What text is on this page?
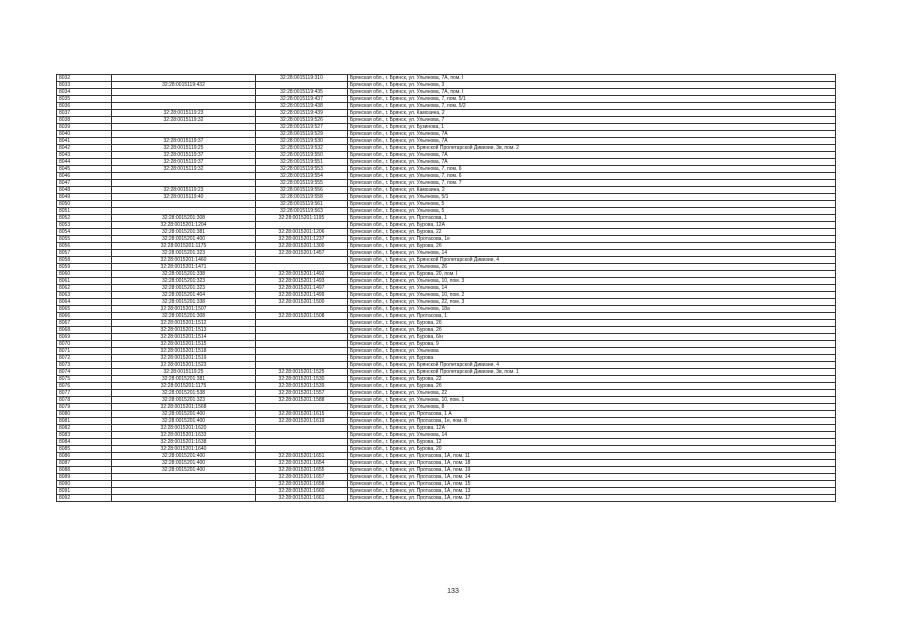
8032		32:28:0015119:310	Брянская обл., г. Брянск, ул. Ульянова, 7А, пом. I
8033	32:28:0015119:432		Брянская обл., г. Брянск, ул. Ульянова, 3
8034		32:28:0015119:435	Брянская обл., г. Брянск, ул. Ульянова, 7А, пом. I
8035		32:28:0015119:437	Брянская обл., г. Брянск, ул. Ульянова, 7, пом. 5/1
8036		32:28:0015119:438	Брянская обл., г. Брянск, ул. Ульянова, 7, пом. 5/2
8037	32:28:0015119:23	32:28:0015119:439	Брянская обл., г. Брянск, ул. Камозина, 2
8038	32:28:0015119:32	32:28:0015119:526	Брянская обл., г. Брянск, ул. Ульянова, 7
8039		32:28:0015119:527	Брянская обл., г. Брянск, ул. Бузинова, 1
8040		32:28:0015119:529	Брянская обл., г. Брянск, ул. Ульянова, 7А
8041	32:28:0015119:37	32:28:0015119:530	Брянская обл., г. Брянск, ул. Ульянова, 7А
8042	32:28:0015119:25	32:28:0015119:532	Брянская обл., г. Брянск, ул. Брянской Пролетарской Дивизии, 3в, пом. 2
8043	32:28:0015119:37	32:28:0015119:550	Брянская обл., г. Брянск, ул. Ульянова, 7А
8044	32:28:0015119:37	32:28:0015119:551	Брянская обл., г. Брянск, ул. Ульянова, 7А
8045	32:28:0015119:32	32:28:0015119:553	Брянская обл., г. Брянск, ул. Ульянова, 7, пом. 6
8046		32:28:0015119:554	Брянская обл., г. Брянск, ул. Ульянова, 7, пом. 6
8047		32:28:0015119:555	Брянская обл., г. Брянск, ул. Ульянова, 7, пом. 7
8048	32:28:0015119:23	32:28:0015119:556	Брянская обл., г. Брянск, ул. Камозина, 2
8049	32:28:0015119:40	32:28:0015119:558	Брянская обл., г. Брянск, ул. Ульянова, 5/1
8050		32:28:0015119:561	Брянская обл., г. Брянск, ул. Ульянова, 5
8051		32:28:0015119:563	Брянская обл., г. Брянск, ул. Ульянова, 5
8052	32:28:0015201:308	32:28:0015201:1195	Брянская обл., г. Брянск, ул. Протасова, 1
8053	32:28:0015201:1204		Брянская обл., г. Брянск, ул. Бурова, 12А
8054	32:28:0015201:381	32:28:0015201:1206	Брянская обл., г. Брянск, ул. Бурова, 22
8055	32:28:0015201:400	32:28:0015201:1237	Брянская обл., г. Брянск, ул. Протасова, 1е
8056	32:28:0015201:1175	32:28:0015201:1300	Брянская обл., г. Брянск, ул. Бурова, 2б
8057	32:28:0015201:323	32:28:0015201:1457	Брянская обл., г. Брянск, ул. Ульянова, 14
8058	32:28:0015201:1460		Брянская обл., г. Брянск, ул. Брянской Пролетарской Дивизии, 4
8059	32:28:0015201:1471		Брянская обл., г. Брянск, ул. Ульянова, 26
8060	32:28:0015201:338	32:28:0015201:1492	Брянская обл., г. Брянск, ул. Бурова, 20, пом. I
8061	32:28:0015201:323	32:28:0015201:1493	Брянская обл., г. Брянск, ул. Ульянова, 10, пом. 3
8062	32:28:0015201:323	32:28:0015201:1497	Брянская обл., г. Брянск, ул. Ульянова, 14
8063	32:28:0015201:404	32:28:0015201:1499	Брянская обл., г. Брянск, ул. Ульянова, 10, пом. 2
8064	32:28:0015201:338	32:28:0015201:1500	Брянская обл., г. Брянск, ул. Ульянова, 22, пом. 3
8065	32:28:0015201:1507		Брянская обл., г. Брянск, ул. Ульянова, 18а
8066	32:28:0015201:308	32:28:0015201:1508	Брянская обл., г. Брянск, ул. Протасова, 1
8067	32:28:0015201:1512		Брянская обл., г. Брянск, ул. Бурова, 2б
8068	32:28:0015201:1513		Брянская обл., г. Брянск, ул. Бурова, 2б
8069	32:28:0015201:1514		Брянская обл., г. Брянск, ул. Бурова, 6/н
8070	32:28:0015201:1515		Брянская обл., г. Брянск, ул. Бурова, 9
8071	32:28:0015201:1518		Брянская обл., г. Брянск, ул. Ульянова
8072	32:28:0015201:1519		Брянская обл., г. Брянск, ул. Бурова
8073	32:28:0015201:1523		Брянская обл., г. Брянск, ул. Брянской Пролетарской Дивизии, 4
8074	32:28:0015119:25	32:28:0015201:1525	Брянская обл., г. Брянск, ул. Брянской Пролетарской Дивизии, 3в, пом. 1
8075	32:28:0015201:381	32:28:0015201:1530	Брянская обл., г. Брянск, ул. Бурова, 22
8076	32:28:0015201:1175	32:28:0015201:1539	Брянская обл., г. Брянск, ул. Бурова, 2б
8077	32:28:0015201:538	32:28:0015201:1557	Брянская обл., г. Брянск, ул. Ульянова, 22
8078	32:28:0015201:323	32:28:0015201:1588	Брянская обл., г. Брянск, ул. Ульянова, 10, пом. 1
8079	32:28:0015201:1568		Брянская обл., г. Брянск, ул. Ульянова, 8
8080	32:28:0015201:400	32:28:0015201:1615	Брянская обл., г. Брянск, ул. Протасова, 1 А
8081	32:28:0015201:400	32:28:0015201:1619	Брянская обл., г. Брянск, ул. Протасова, 1е, пом. 8
8082	32:28:0015201:1620		Брянская обл., г. Брянск, ул. Бурова, 12А
8083	32:28:0015201:1633		Брянская обл., г. Брянск, ул. Ульянова, 14
8084	32:28:0015201:1638		Брянская обл., г. Брянск, ул. Бурова, 12
8085	32:28:0015201:1640		Брянская обл., г. Брянск, ул. Бурова, 20
8086	32:28:0015201:400	32:28:0015201:1651	Брянская обл., г. Брянск, ул. Протасова, 1А, пом. 11
8087	32:28:0015201:400	32:28:0015201:1654	Брянская обл., г. Брянск, ул. Протасова, 1А, пом. 18
8088	32:28:0015201:400	32:28:0015201:1655	Брянская обл., г. Брянск, ул. Протасова, 1А, пом. 19
8089		32:28:0015201:1657	Брянская обл., г. Брянск, ул. Протасова, 1А, пом. 14
8090		32:28:0015201:1658	Брянская обл., г. Брянск, ул. Протасова, 1А, пом. 15
8091		32:28:0015201:1660	Брянская обл., г. Брянск, ул. Протасова, 1А, пом. 13
8092		32:28:0015201:1661	Брянская обл., г. Брянск, ул. Протасова, 1А, пом. 17
133
